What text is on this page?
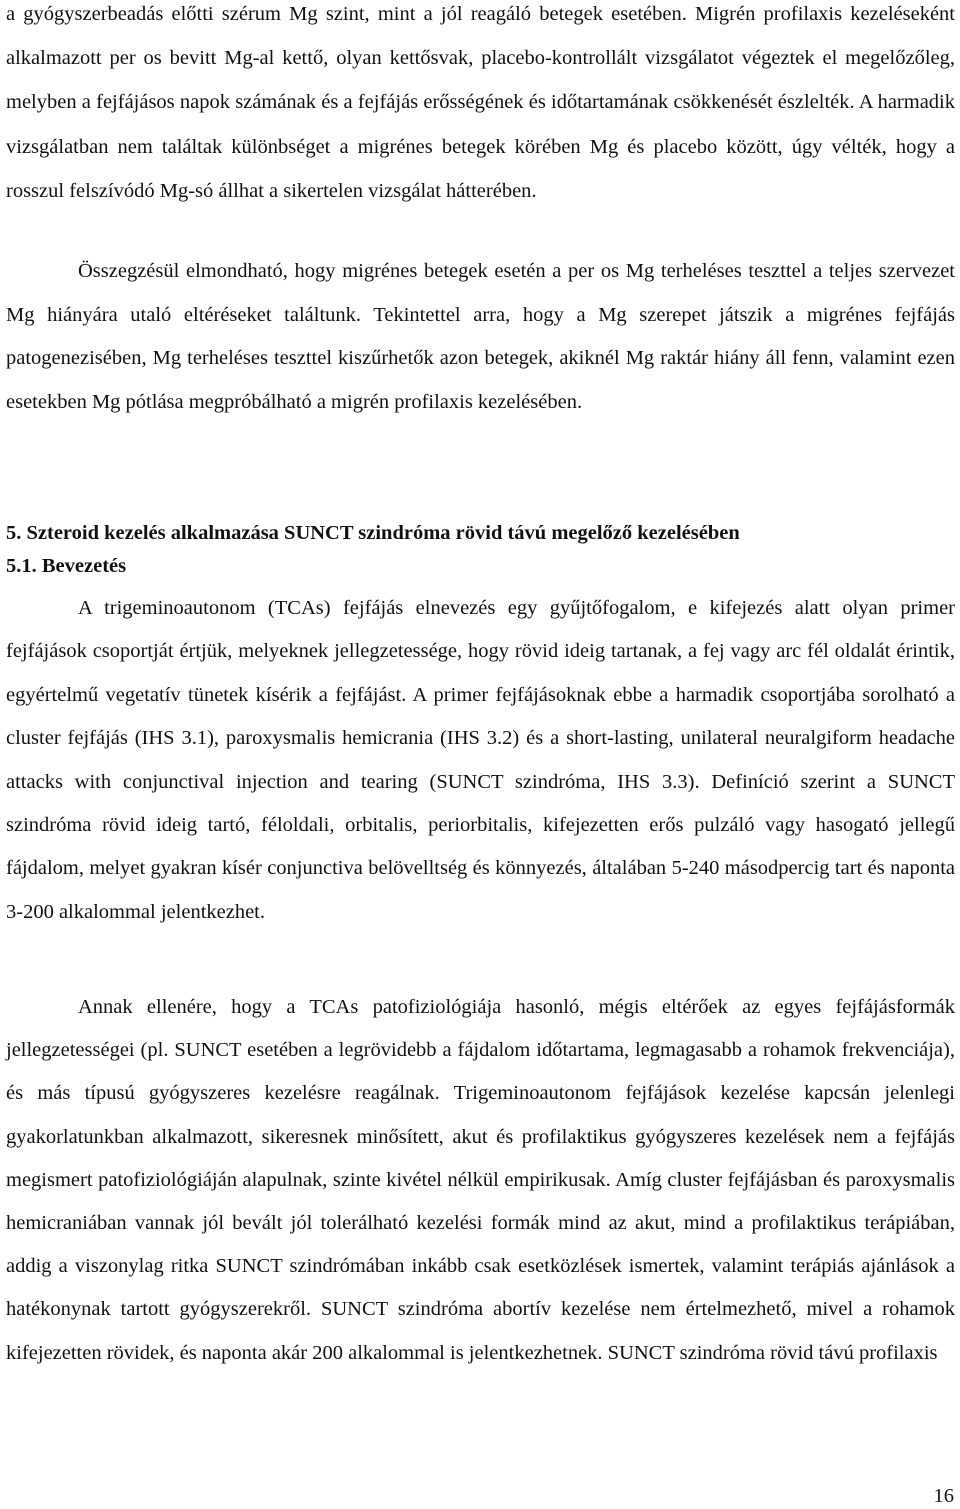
a gyógyszerbeadás előtti szérum Mg szint, mint a jól reagáló betegek esetében. Migrén profilaxis kezeléseként alkalmazott per os bevitt Mg-al kettő, olyan kettősvak, placebo-kontrollált vizsgálatot végeztek el megelőzőleg, melyben a fejfájásos napok számának és a fejfájás erősségének és időtartamának csökkenését észlelték. A harmadik vizsgálatban nem találtak különbséget a migrénes betegek körében Mg és placebo között, úgy vélték, hogy a rosszul felszívódó Mg-só állhat a sikertelen vizsgálat hátterében.

Összegzésül elmondható, hogy migrénes betegek esetén a per os Mg terheléses teszttel a teljes szervezet Mg hiányára utaló eltéréseket találtunk. Tekintettel arra, hogy a Mg szerepet játszik a migrénes fejfájás patogenezisében, Mg terheléses teszttel kiszűrhetők azon betegek, akiknél Mg raktár hiány áll fenn, valamint ezen esetekben Mg pótlása megpróbálható a migrén profilaxis kezelésében.

5. Szteroid kezelés alkalmazása SUNCT szindróma rövid távú megelőző kezelésében
5.1. Bevezetés

A trigeminoautonom (TCAs) fejfájás elnevezés egy gyűjtőfogalom, e kifejezés alatt olyan primer fejfájások csoportját értjük, melyeknek jellegzetessége, hogy rövid ideig tartanak, a fej vagy arc fél oldalát érintik, egyértelmű vegetatív tünetek kísérik a fejfájást. A primer fejfájásoknak ebbe a harmadik csoportjába sorolható a cluster fejfájás (IHS 3.1), paroxysmalis hemicrania (IHS 3.2) és a short-lasting, unilateral neuralgiform headache attacks with conjunctival injection and tearing (SUNCT szindróma, IHS 3.3). Definíció szerint a SUNCT szindróma rövid ideig tartó, féloldali, orbitalis, periorbitalis, kifejezetten erős pulzáló vagy hasogató jellegű fájdalom, melyet gyakran kísér conjunctiva belövelltség és könnyezés, általában 5-240 másodpercig tart és naponta 3-200 alkalommal jelentkezhet.

Annak ellenére, hogy a TCAs patofiziológiája hasonló, mégis eltérőek az egyes fejfájásformák jellegzetességei (pl. SUNCT esetében a legrövidebb a fájdalom időtartama, legmagasabb a rohamok frekvenciája), és más típusú gyógyszeres kezelésre reagálnak. Trigeminoautonom fejfájások kezelése kapcsán jelenlegi gyakorlatunkban alkalmazott, sikeresnek minősített, akut és profilaktikus gyógyszeres kezelések nem a fejfájás megismert patofiziológiáján alapulnak, szinte kivétel nélkül empirikusak. Amíg cluster fejfájásban és paroxysmalis hemicraniában vannak jól bevált jól tolerálható kezelési formák mind az akut, mind a profilaktikus terápiában, addig a viszonylag ritka SUNCT szindrómában inkább csak esetközlések ismertek, valamint terápiás ajánlások a hatékonynak tartott gyógyszerekről. SUNCT szindróma abortív kezelése nem értelmezhető, mivel a rohamok kifejezetten rövidek, és naponta akár 200 alkalommal is jelentkezhetnek. SUNCT szindróma rövid távú profilaxis

16
